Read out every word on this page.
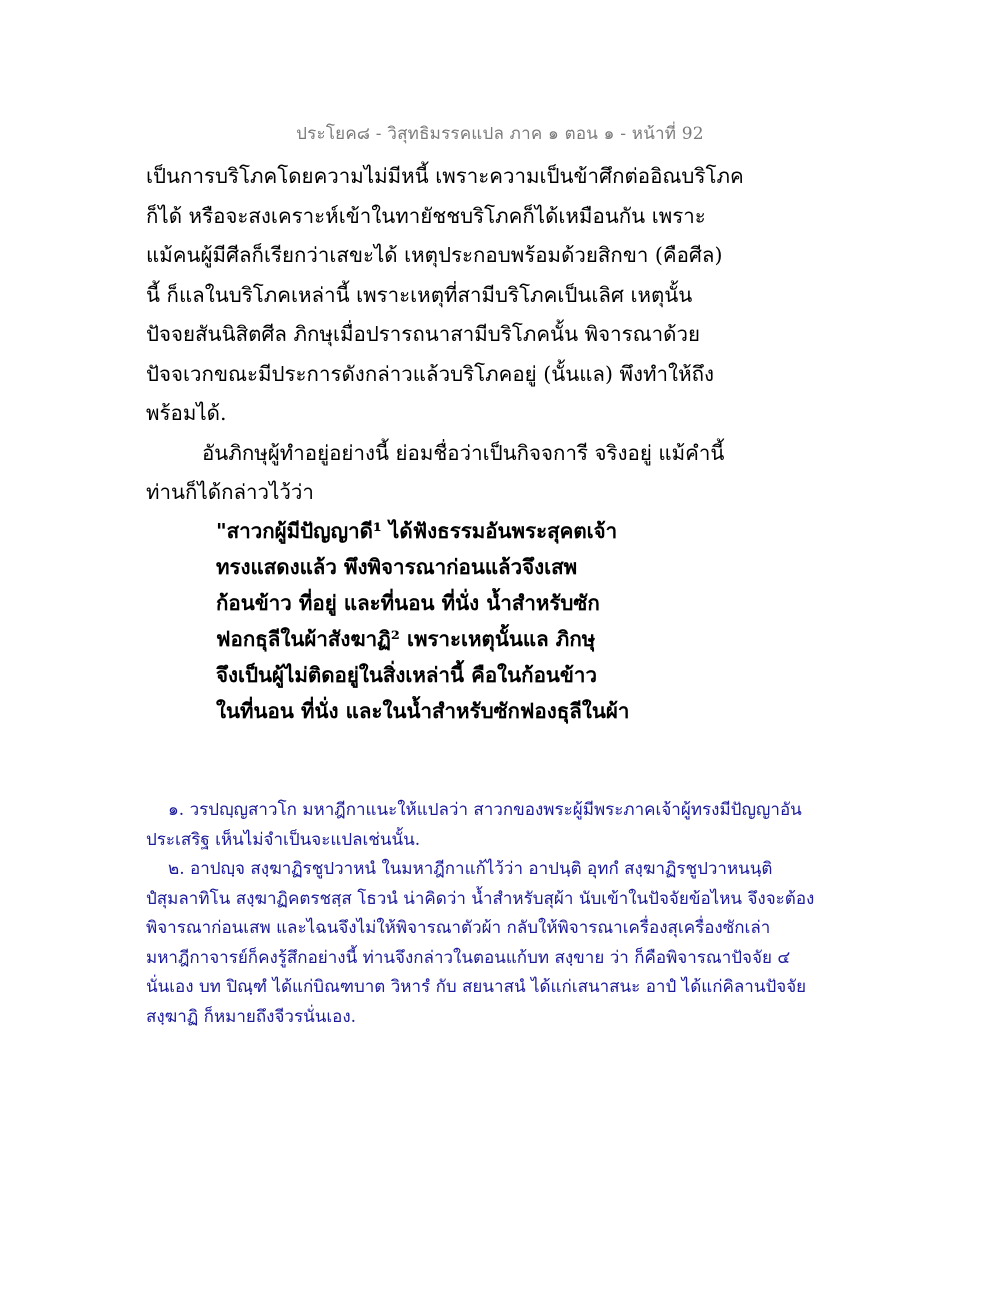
ประโยค๘ - วิสุทธิมรรคแปล ภาค ๑ ตอน ๑ - หน้าที่ 92
เป็นการบริโภคโดยความไม่มีหนี้ เพราะความเป็นข้าศึกต่ออิณบริโภค
ก็ได้ หรือจะสงเคราะห์เข้าในทายัชชบริโภคก็ได้เหมือนกัน เพราะ
แม้คนผู้มีศีลก็เรียกว่าเสขะได้ เหตุประกอบพร้อมด้วยสิกขา (คือศีล)
นี้ ก็แลในบริโภคเหล่านี้ เพราะเหตุที่สามีบริโภคเป็นเลิศ เหตุนั้น
ปัจจยสันนิสิตศีล ภิกษุเมื่อปรารถนาสามีบริโภคนั้น พิจารณาด้วย
ปัจจเวกขณะมีประการดังกล่าวแล้วบริโภคอยู่ (นั้นแล) พึงทำให้ถึง
พร้อมได้.
อันภิกษุผู้ทำอยู่อย่างนี้ ย่อมชื่อว่าเป็นกิจจการี จริงอยู่ แม้คำนี้
ท่านก็ได้กล่าวไว้ว่า
"สาวกผู้มีปัญญาดี¹ ได้ฟังธรรมอันพระสุคตเจ้า
ทรงแสดงแล้ว พึงพิจารณาก่อนแล้วจึงเสพ
ก้อนข้าว ที่อยู่ และที่นอน ที่นั่ง น้ำสำหรับซัก
ฟอกธุลีในผ้าสังฆาฏิ² เพราะเหตุนั้นแล ภิกษุ
จึงเป็นผู้ไม่ติดอยู่ในสิ่งเหล่านี้ คือในก้อนข้าว
ในที่นอน ที่นั่ง และในน้ำสำหรับซักฟองธุลีในผ้า
๑. วรปญฺญสาวโก มหาฎีกาแนะให้แปลว่า สาวกของพระผู้มีพระภาคเจ้าผู้ทรงมีปัญญาอัน
ประเสริฐ เห็นไม่จำเป็นจะแปลเช่นนั้น.
๒. อาปญฺจ สงฺฆาฏิรชูปวาหนํ ในมหาฎีกาแก้ไว้ว่า อาปนฺติ อุทกํ สงฺฆาฏิรชูปวาหนนฺติ
ปํสุมลาทิโน สงฺฆาฏิคตรชสฺส โธวนํ น่าคิดว่า น้ำสำหรับสุผ้า นับเข้าในปัจจัยข้อไหน จึงจะต้อง
พิจารณาก่อนเสพ และไฉนจึงไม่ให้พิจารณาตัวผ้า กลับให้พิจารณาเครื่องสุเครื่องซักเล่า
มหาฎีกาจารย์ก็คงรู้สึกอย่างนี้ ท่านจึงกล่าวในตอนแก้บท สงฺขาย ว่า ก็คือพิจารณาปัจจัย ๔
นั่นเอง บท ปิณฺฑํ ได้แก่บิณฑบาต วิหารํ กับ สยนาสนํ ได้แก่เสนาสนะ อาปํ ได้แก่คิลานปัจจัย
สงฺฆาฏิ ก็หมายถึงจีวรนั่นเอง.
